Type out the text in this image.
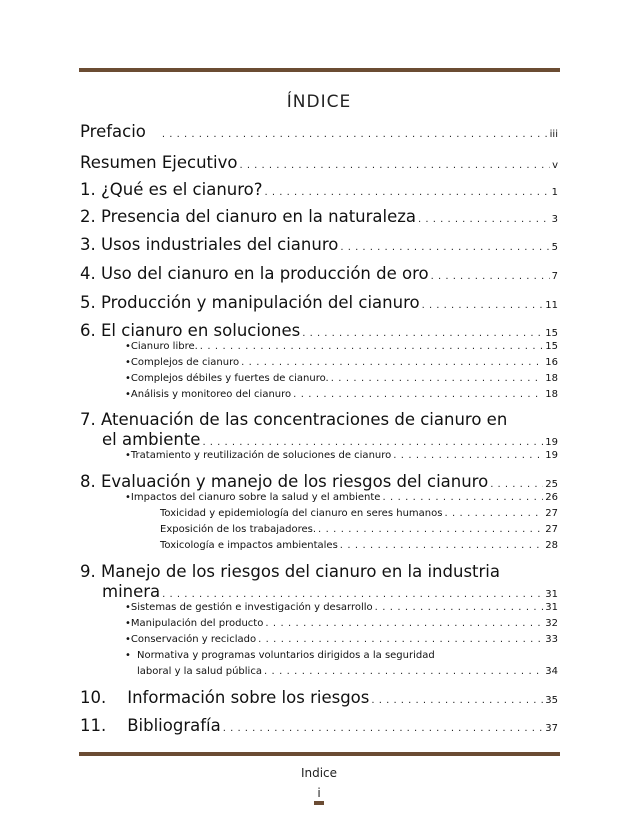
ÍNDICE
Prefacio . . .	iii
Resumen Ejecutivo . . .	v
1. ¿Qué es el cianuro? . . .	1
2. Presencia del cianuro en la naturaleza . . .	3
3. Usos industriales del cianuro . . .	5
4. Uso del cianuro en la producción de oro . . .	7
5. Producción y manipulación del cianuro . . .	11
6. El cianuro en soluciones . . .	15
• Cianuro libre. . . .	15
• Complejos de cianuro . . .	16
• Complejos débiles y fuertes de cianuro. . . .	18
• Análisis y monitoreo del cianuro . . .	18
7. Atenuación de las concentraciones de cianuro en
el ambiente . . .	19
• Tratamiento y reutilización de soluciones de cianuro . . .	19
8. Evaluación y manejo de los riesgos del cianuro . . .	25
• Impactos del cianuro sobre la salud y el ambiente . . .	26
Toxicidad y epidemiología del cianuro en seres humanos . . .	27
Exposición de los trabajadores. . . .	27
Toxicología e impactos ambientales . . .	28
9. Manejo de los riesgos del cianuro en la industria
minera . . .	31
• Sistemas de gestión e investigación y desarrollo . . .	31
• Manipulación del producto . . .	32
• Conservación y reciclado . . .	33
• Normativa y programas voluntarios dirigidos a la seguridad
laboral y la salud pública . . .	34
10.    Información sobre los riesgos . . .	35
11.    Bibliografía . . .	37
Indice
i
